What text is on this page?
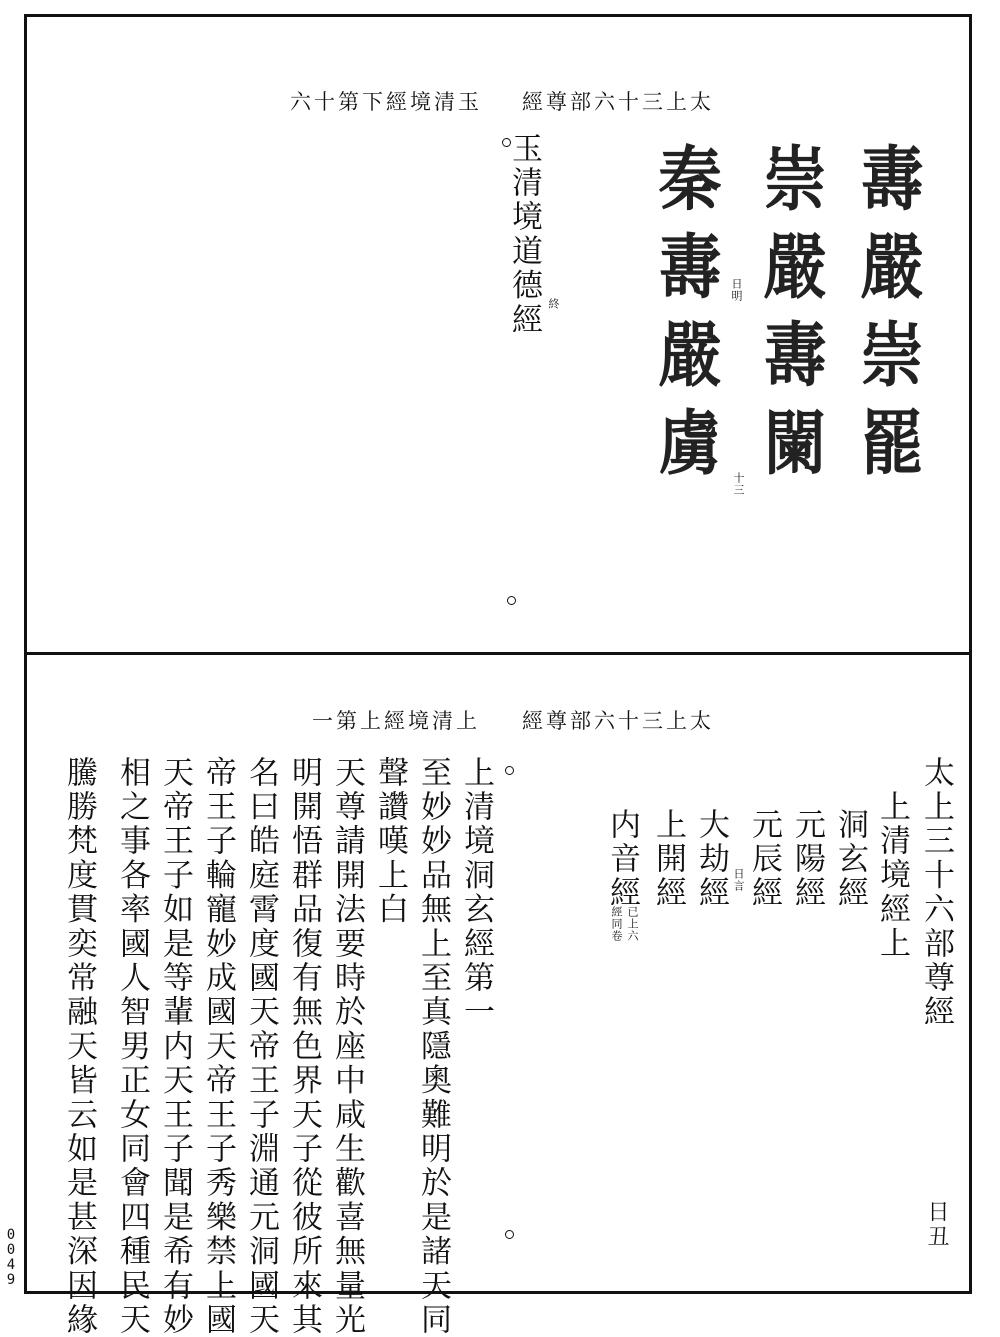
六十第下經境清玉 經尊部六十三上太
玉清境道德經 終	夀嚴崇罷
崇嚴夀闌
秦夀嚴虜 日明
十三
一第上經境清上 經尊部六十三上太
太上三十六部尊經
上清境經上
洞玄經
元陽經
元辰經
日言
大劫經
上開經
内音經
已上六
經同卷
日丑
上清境洞玄經第一
至妙妙品無上至真隱奧難明於是諸天同
聲讚嘆上白
天尊請開法要時於座中咸生歡喜無量光
明開悟群品復有無色界天子從彼所來其
名曰皓庭霄度國天帝王子淵通元洞國天
帝王子輪寵妙成國天帝王子秀樂禁上國
天帝王子如是等輩内天王子聞是希有妙
相之事各率國人智男正女同會四種民天
騰勝梵度貫奕常融天皆云如是甚深因緣
0
0
4
9
